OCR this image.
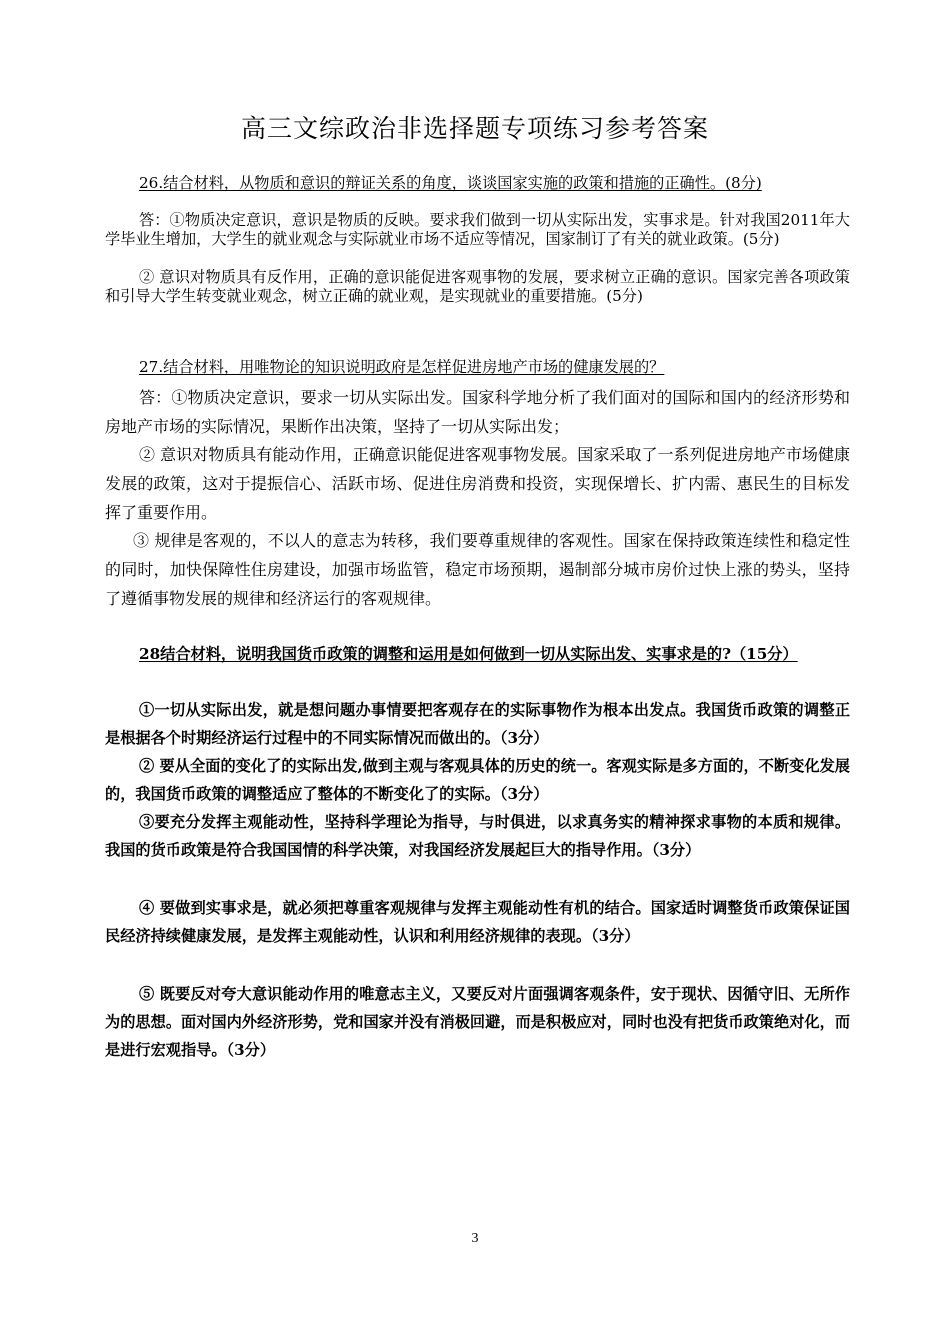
高三文综政治非选择题专项练习参考答案
26.结合材料，从物质和意识的辩证关系的角度，谈谈国家实施的政策和措施的正确性。(8分)

答：①物质决定意识，意识是物质的反映。要求我们做到一切从实际出发，实事求是。针对我国2011年大学毕业生增加，大学生的就业观念与实际就业市场不适应等情况，国家制订了有关的就业政策。(5分)

② 意识对物质具有反作用，正确的意识能促进客观事物的发展，要求树立正确的意识。国家完善各项政策和引导大学生转变就业观念，树立正确的就业观，是实现就业的重要措施。(5分)

27.结合材料，用唯物论的知识说明政府是怎样促进房地产市场的健康发展的？

答：①物质决定意识，要求一切从实际出发。国家科学地分析了我们面对的国际和国内的经济形势和房地产市场的实际情况，果断作出决策，坚持了一切从实际出发；

② 意识对物质具有能动作用，正确意识能促进客观事物发展。国家采取了一系列促进房地产市场健康发展的政策，这对于提振信心、活跃市场、促进住房消费和投资，实现保增长、扩内需、惠民生的目标发挥了重要作用。

③ 规律是客观的，不以人的意志为转移，我们要尊重规律的客观性。国家在保持政策连续性和稳定性的同时，加快保障性住房建设，加强市场监管，稳定市场预期，遏制部分城市房价过快上涨的势头，坚持了遵循事物发展的规律和经济运行的客观规律。

28结合材料，说明我国货币政策的调整和运用是如何做到一切从实际出发、实事求是的?（15分）

①一切从实际出发，就是想问题办事情要把客观存在的实际事物作为根本出发点。我国货币政策的调整正是根据各个时期经济运行过程中的不同实际情况而做出的。（3分）

② 要从全面的变化了的实际出发,做到主观与客观具体的历史的统一。客观实际是多方面的，不断变化发展的，我国货币政策的调整适应了整体的不断变化了的实际。（3分）

③要充分发挥主观能动性，坚持科学理论为指导，与时俱进，以求真务实的精神探求事物的本质和规律。我国的货币政策是符合我国国情的科学决策，对我国经济发展起巨大的指导作用。（3分）

④ 要做到实事求是，就必须把尊重客观规律与发挥主观能动性有机的结合。国家适时调整货币政策保证国民经济持续健康发展，是发挥主观能动性，认识和利用经济规律的表现。（3分）

⑤ 既要反对夸大意识能动作用的唯意志主义，又要反对片面强调客观条件，安于现状、因循守旧、无所作为的思想。面对国内外经济形势，党和国家并没有消极回避，而是积极应对，同时也没有把货币政策绝对化，而是进行宏观指导。（3分）

3
